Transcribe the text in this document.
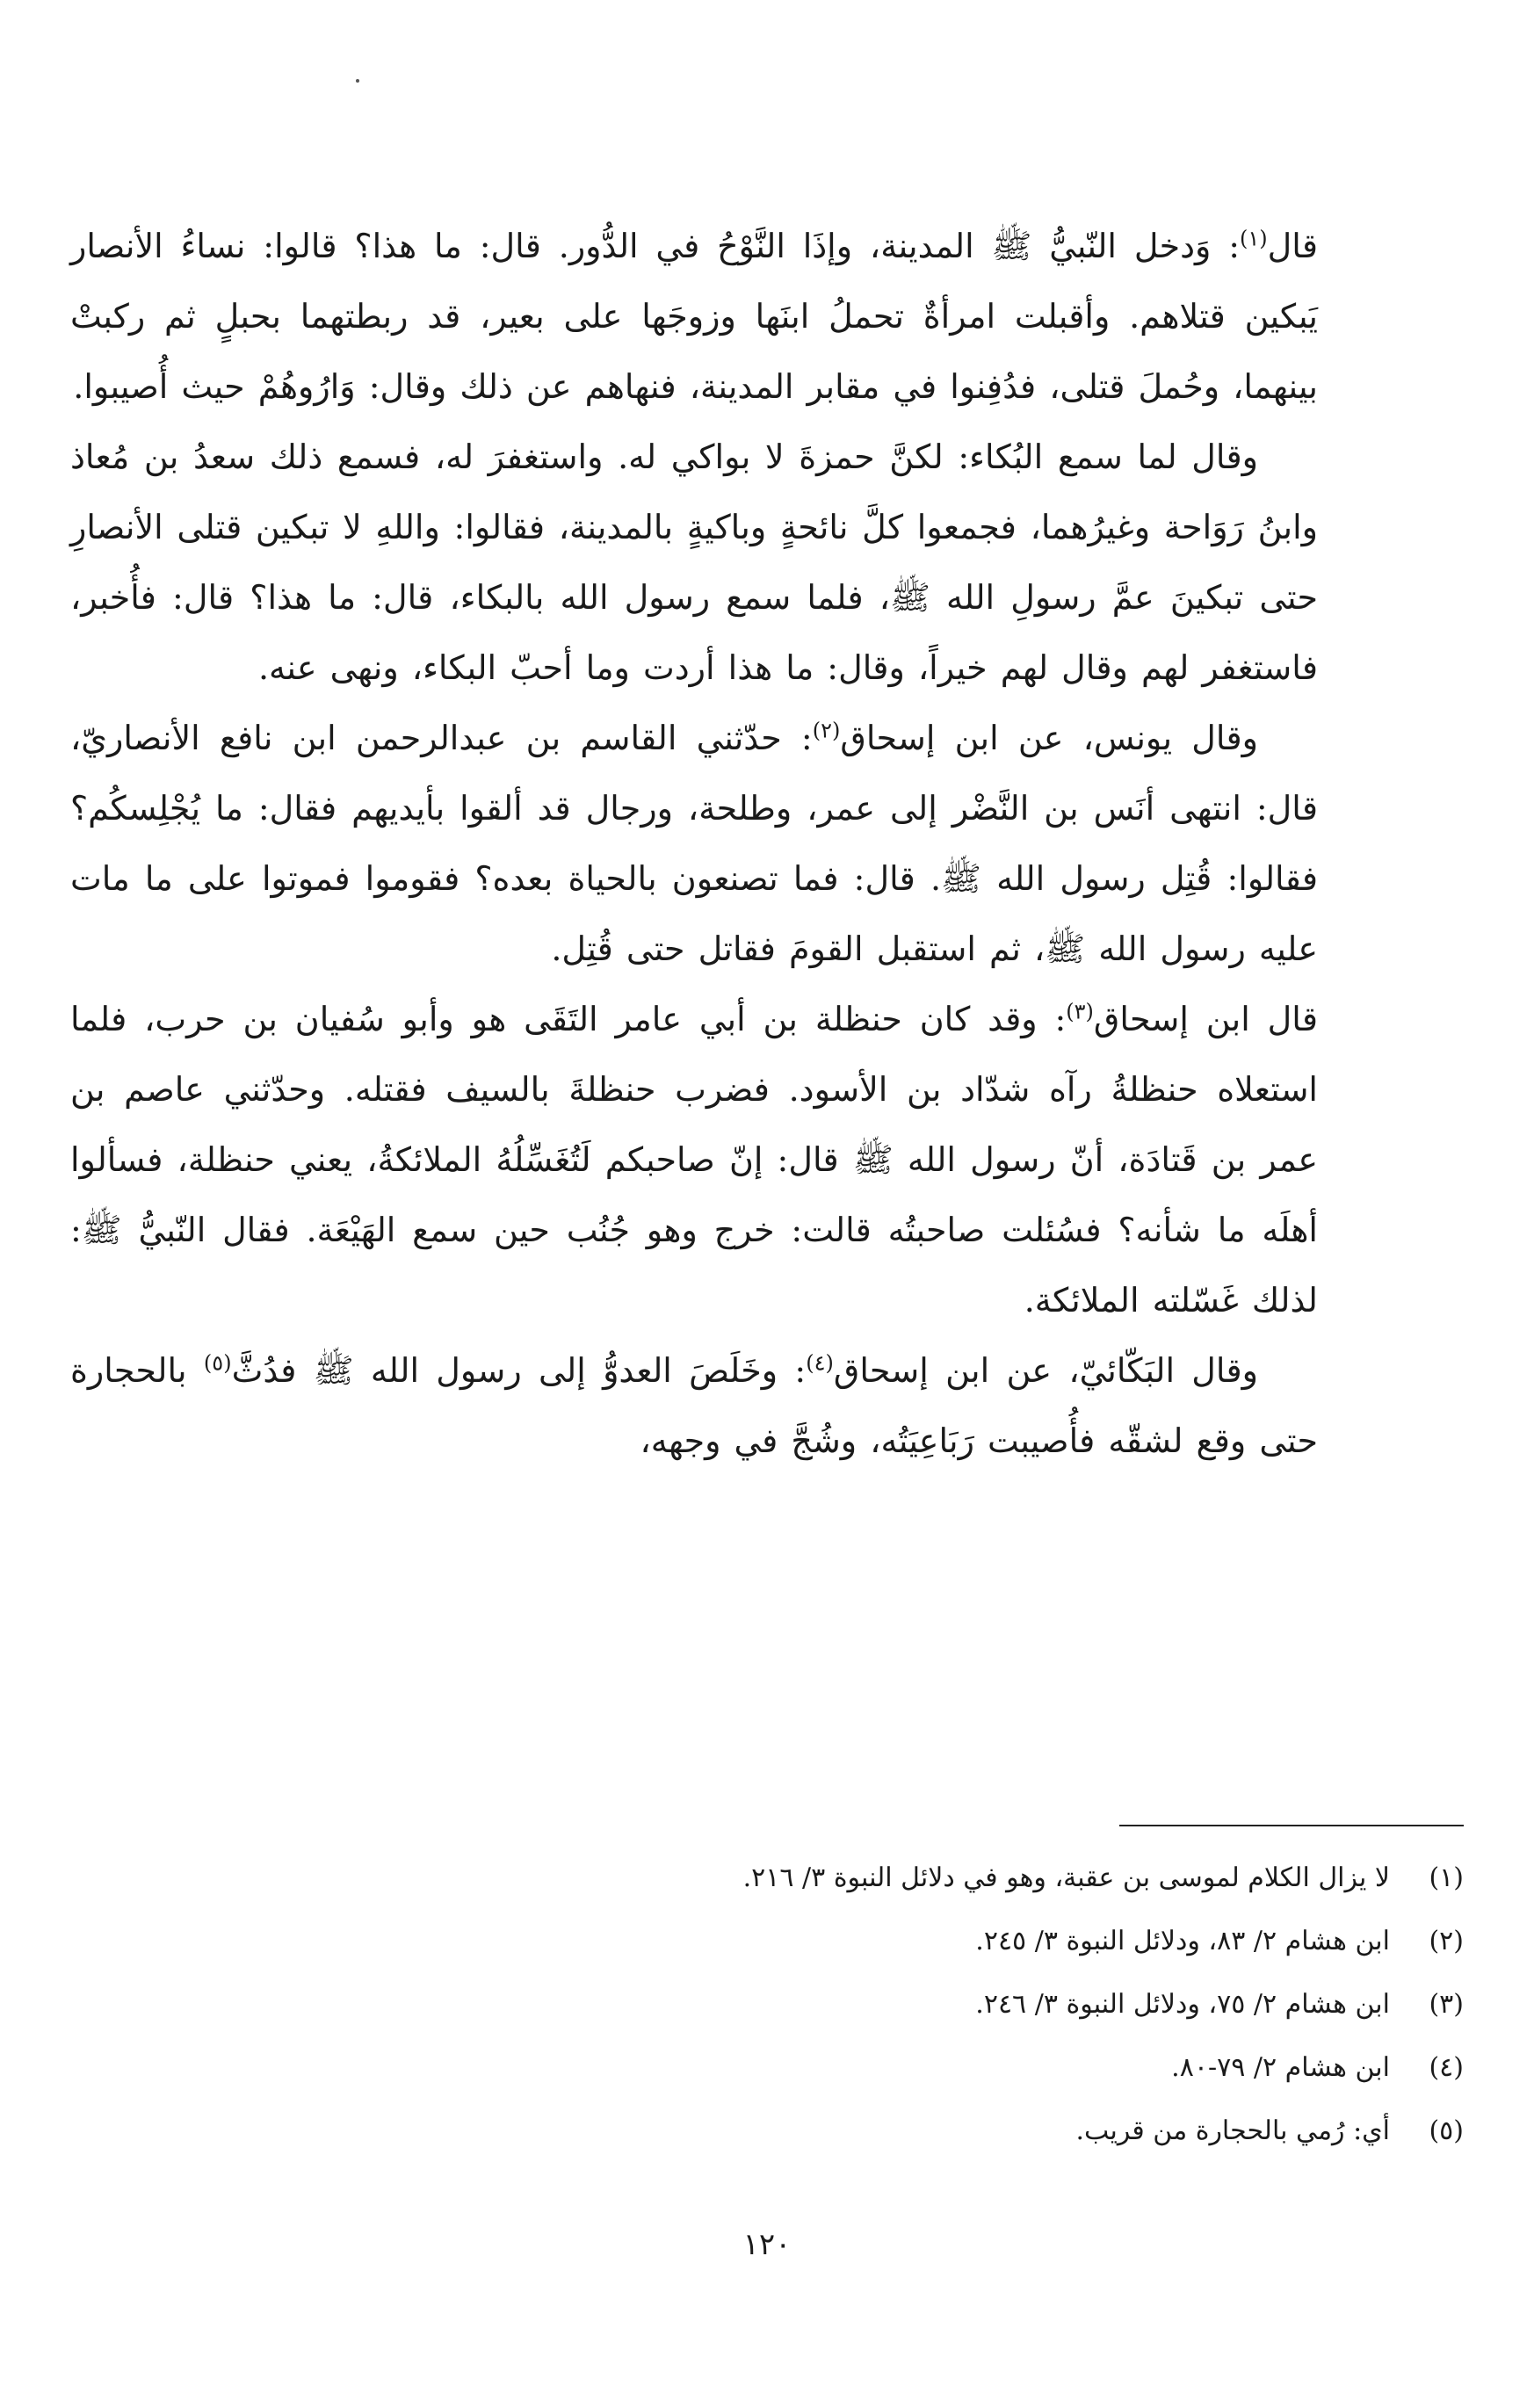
قال$^{(١)}$: وَدخل النّبيُّ ﷺ المدينة، وإذَا النَّوْحُ في الدُّور. قال: ما هذا؟ قالوا: نساءُ الأنصار يَبكين قتلاهم. وأقبلت امرأةٌ تحملُ ابنَها وزوجَها على بعير، قد ربطتهما بحبلٍ ثم ركبتْ بينهما، وحُملَ قتلى، فدُفِنوا في مقابر المدينة، فنهاهم عن ذلك وقال: وَارُوهُمْ حيث أُصيبوا.

وقال لما سمع البُكاء: لكنَّ حمزةَ لا بواكي له. واستغفرَ له، فسمع ذلك سعدُ بن مُعاذ وابنُ رَوَاحة وغيرُهما، فجمعوا كلَّ نائحةٍ وباكيةٍ بالمدينة، فقالوا: واللهِ لا تبكين قتلى الأنصارِ حتى تبكينَ عمَّ رسولِ الله ﷺ، فلما سمع رسول الله بالبكاء، قال: ما هذا؟ قال: فأُخبر، فاستغفر لهم وقال لهم خيراً، وقال: ما هذا أردت وما أحبّ البكاء، ونهى عنه.

وقال يونس، عن ابن إسحاق$^{(٢)}$: حدّثني القاسم بن عبدالرحمن ابن نافع الأنصاريّ، قال: انتهى أنَس بن النَّضْر إلى عمر، وطلحة، ورجال قد ألقوا بأيديهم فقال: ما يُجْلِسكُم؟ فقالوا: قُتِل رسول الله ﷺ. قال: فما تصنعون بالحياة بعده؟ فقوموا فموتوا على ما مات عليه رسول الله ﷺ، ثم استقبل القومَ فقاتل حتى قُتِل.

قال ابن إسحاق$^{(٣)}$: وقد كان حنظلة بن أبي عامر التَقَى هو وأبو سُفيان بن حرب، فلما استعلاه حنظلةُ رآه شدّاد بن الأسود. فضرب حنظلةَ بالسيف فقتله. وحدّثني عاصم بن عمر بن قَتادَة، أنّ رسول الله ﷺ قال: إنّ صاحبكم لَتُغَسِّلُهُ الملائكةُ، يعني حنظلة، فسألوا أهلَه ما شأنه؟ فسُئلت صاحبتُه قالت: خرج وهو جُنُب حين سمع الهَيْعَة. فقال النّبيُّ ﷺ: لذلك غَسّلته الملائكة.

وقال البَكّائيّ، عن ابن إسحاق$^{(٤)}$: وخَلَصَ العدوُّ إلى رسول الله ﷺ فدُثَّ$^{(٥)}$ بالحجارة حتى وقع لشقّه فأُصيبت رَبَاعِيَتُه، وشُجَّ في وجهه،

(١)
لا يزال الكلام لموسى بن عقبة، وهو في دلائل النبوة ٣/ ٢١٦.
(٢)
ابن هشام ٢/ ٨٣، ودلائل النبوة ٣/ ٢٤٥.
(٣)
ابن هشام ٢/ ٧٥، ودلائل النبوة ٣/ ٢٤٦.
(٤)
ابن هشام ٢/ ٧٩-٨٠.
(٥)
أي: رُمي بالحجارة من قريب.
١٢٠
